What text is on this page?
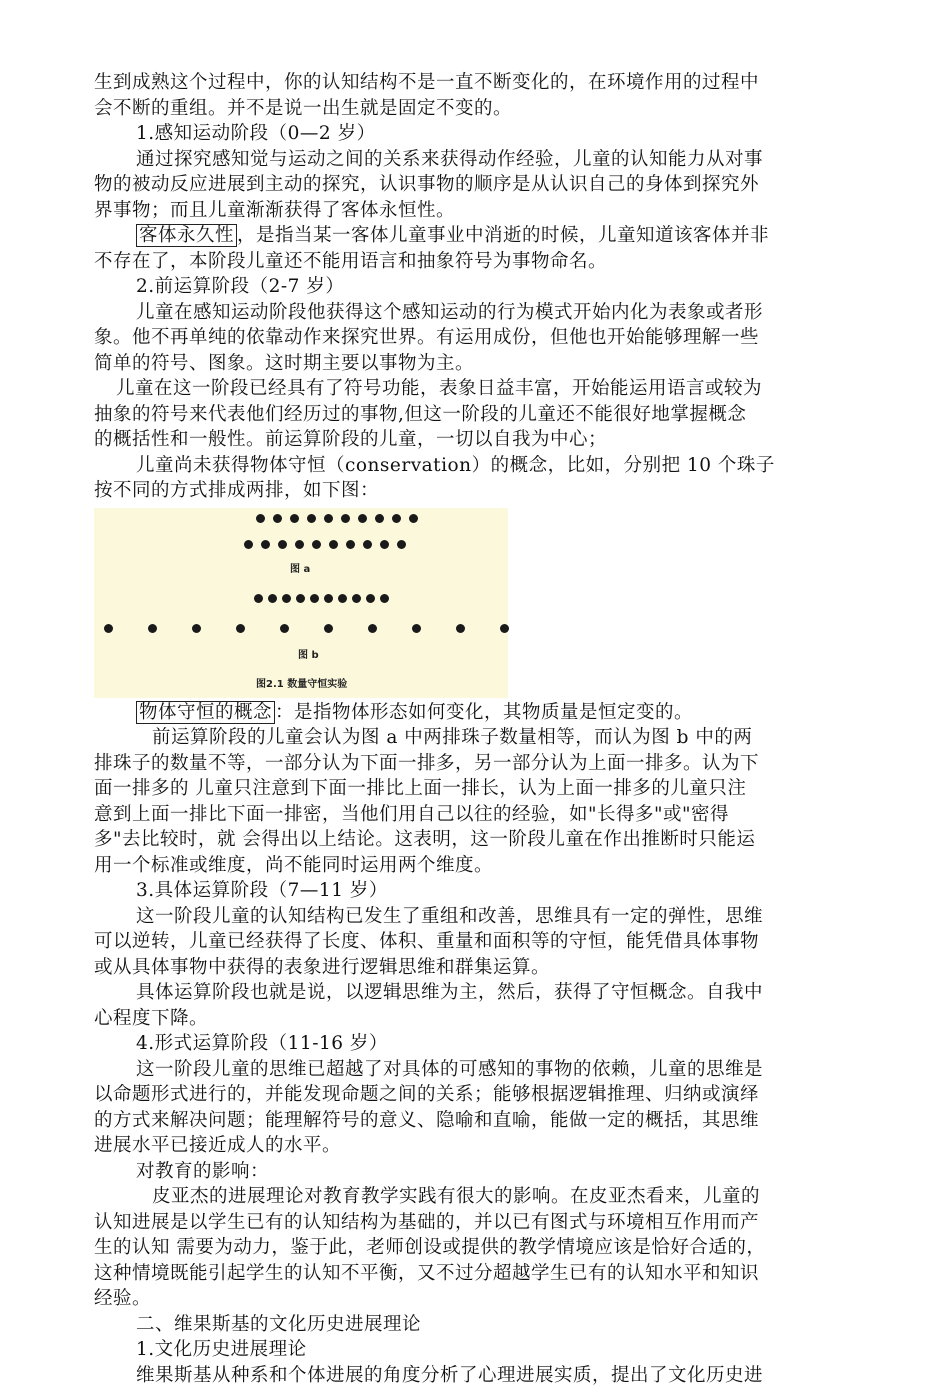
生到成熟这个过程中，你的认知结构不是一直不断变化的，在环境作用的过程中
会不断的重组。并不是说一出生就是固定不变的。
1.感知运动阶段（0—2 岁）
通过探究感知觉与运动之间的关系来获得动作经验，儿童的认知能力从对事
物的被动反应进展到主动的探究，认识事物的顺序是从认识自己的身体到探究外
界事物；而且儿童渐渐获得了客体永恒性。
客体永久性 ，是指当某一客体儿童事业中消逝的时候，儿童知道该客体并非
不存在了，本阶段儿童还不能用语言和抽象符号为事物命名。
2.前运算阶段（2-7 岁）
儿童在感知运动阶段他获得这个感知运动的行为模式开始内化为表象或者形
象。他不再单纯的依靠动作来探究世界。有运用成份，但他也开始能够理解一些
简单的符号、图象。这时期主要以事物为主。
儿童在这一阶段已经具有了符号功能，表象日益丰富，开始能运用语言或较为
抽象的符号来代表他们经历过的事物,但这一阶段的儿童还不能很好地掌握概念
的概括性和一般性。前运算阶段的儿童，一切以自我为中心；
儿童尚未获得物体守恒（conservation）的概念，比如，分别把 10 个珠子
按不同的方式排成两排，如下图：
图 a
图 b
图2.1 数量守恒实验
物体守恒的概念 ：是指物体形态如何变化，其物质量是恒定变的。
前运算阶段的儿童会认为图 a 中两排珠子数量相等，而认为图 b 中的两
排珠子的数量不等，一部分认为下面一排多，另一部分认为上面一排多。认为下
面一排多的 儿童只注意到下面一排比上面一排长，认为上面一排多的儿童只注
意到上面一排比下面一排密，当他们用自己以往的经验，如"长得多"或"密得
多"去比较时，就 会得出以上结论。这表明，这一阶段儿童在作出推断时只能运
用一个标准或维度，尚不能同时运用两个维度。
3.具体运算阶段（7—11 岁）
这一阶段儿童的认知结构已发生了重组和改善，思维具有一定的弹性，思维
可以逆转，儿童已经获得了长度、体积、重量和面积等的守恒，能凭借具体事物
或从具体事物中获得的表象进行逻辑思维和群集运算。
具体运算阶段也就是说，以逻辑思维为主，然后，获得了守恒概念。自我中
心程度下降。
4.形式运算阶段（11-16 岁）
这一阶段儿童的思维已超越了对具体的可感知的事物的依赖，儿童的思维是
以命题形式进行的，并能发现命题之间的关系；能够根据逻辑推理、归纳或演绎
的方式来解决问题；能理解符号的意义、隐喻和直喻，能做一定的概括，其思维
进展水平已接近成人的水平。
对教育的影响：
皮亚杰的进展理论对教育教学实践有很大的影响。在皮亚杰看来，儿童的
认知进展是以学生已有的认知结构为基础的，并以已有图式与环境相互作用而产
生的认知 需要为动力，鉴于此，老师创设或提供的教学情境应该是恰好合适的，
这种情境既能引起学生的认知不平衡，又不过分超越学生已有的认知水平和知识
经验。
二、维果斯基的文化历史进展理论
1.文化历史进展理论
维果斯基从种系和个体进展的角度分析了心理进展实质，提出了文化历史进
